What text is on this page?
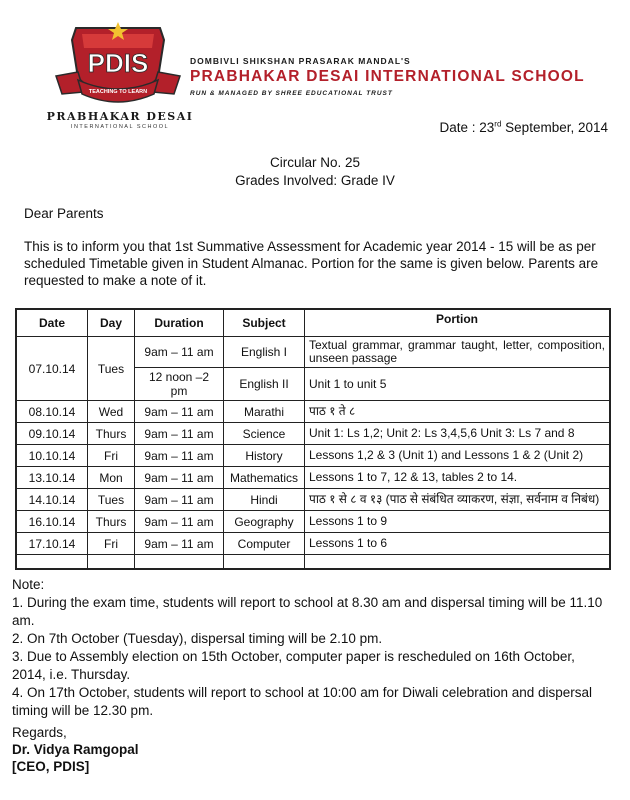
PDIS
TEACHING TO LEARN
PRABHAKAR DESAI
INTERNATIONAL SCHOOL
DOMBIVLI SHIKSHAN PRASARAK MANDAL'S
PRABHAKAR DESAI INTERNATIONAL SCHOOL
RUN & MANAGED BY SHREE EDUCATIONAL TRUST
Date : 23rd September, 2014
Circular No. 25
Grades Involved: Grade IV
Dear Parents
This is to inform you that 1st Summative Assessment for Academic year 2014 - 15 will be as per scheduled Timetable given in Student Almanac. Portion for the same is given below. Parents are requested to make a note of it.
Date	Day	Duration	Subject	Portion
07.10.14	Tues	9am – 11 am	English I	Textual grammar, grammar taught, letter, composition, unseen passage
		12 noon –2 pm	English II	Unit 1 to unit 5
08.10.14	Wed	9am – 11 am	Marathi	पाठ १ ते ८
09.10.14	Thurs	9am – 11 am	Science	Unit 1: Ls 1,2; Unit 2: Ls 3,4,5,6 Unit 3: Ls 7 and 8
10.10.14	Fri	9am – 11 am	History	Lessons 1,2 & 3 (Unit 1) and Lessons 1 & 2 (Unit 2)
13.10.14	Mon	9am – 11 am	Mathematics	Lessons 1 to 7, 12 & 13, tables 2 to 14.
14.10.14	Tues	9am – 11 am	Hindi	पाठ १ से ८ व १३ (पाठ से संबंधित व्याकरण, संज्ञा, सर्वनाम व निबंध)
16.10.14	Thurs	9am – 11 am	Geography	Lessons 1 to 9
17.10.14	Fri	9am – 11 am	Computer	Lessons 1 to 6

Note:

1. During the exam time, students will report to school at 8.30 am and dispersal timing will be 11.10 am.

2. On 7th October (Tuesday), dispersal timing will be 2.10 pm.

3. Due to Assembly election on 15th October, computer paper is rescheduled on 16th October, 2014, i.e. Thursday.

4. On 17th October, students will report to school at 10:00 am for Diwali celebration and dispersal timing will be 12.30 pm.

Regards,
Dr. Vidya Ramgopal
[CEO, PDIS]
